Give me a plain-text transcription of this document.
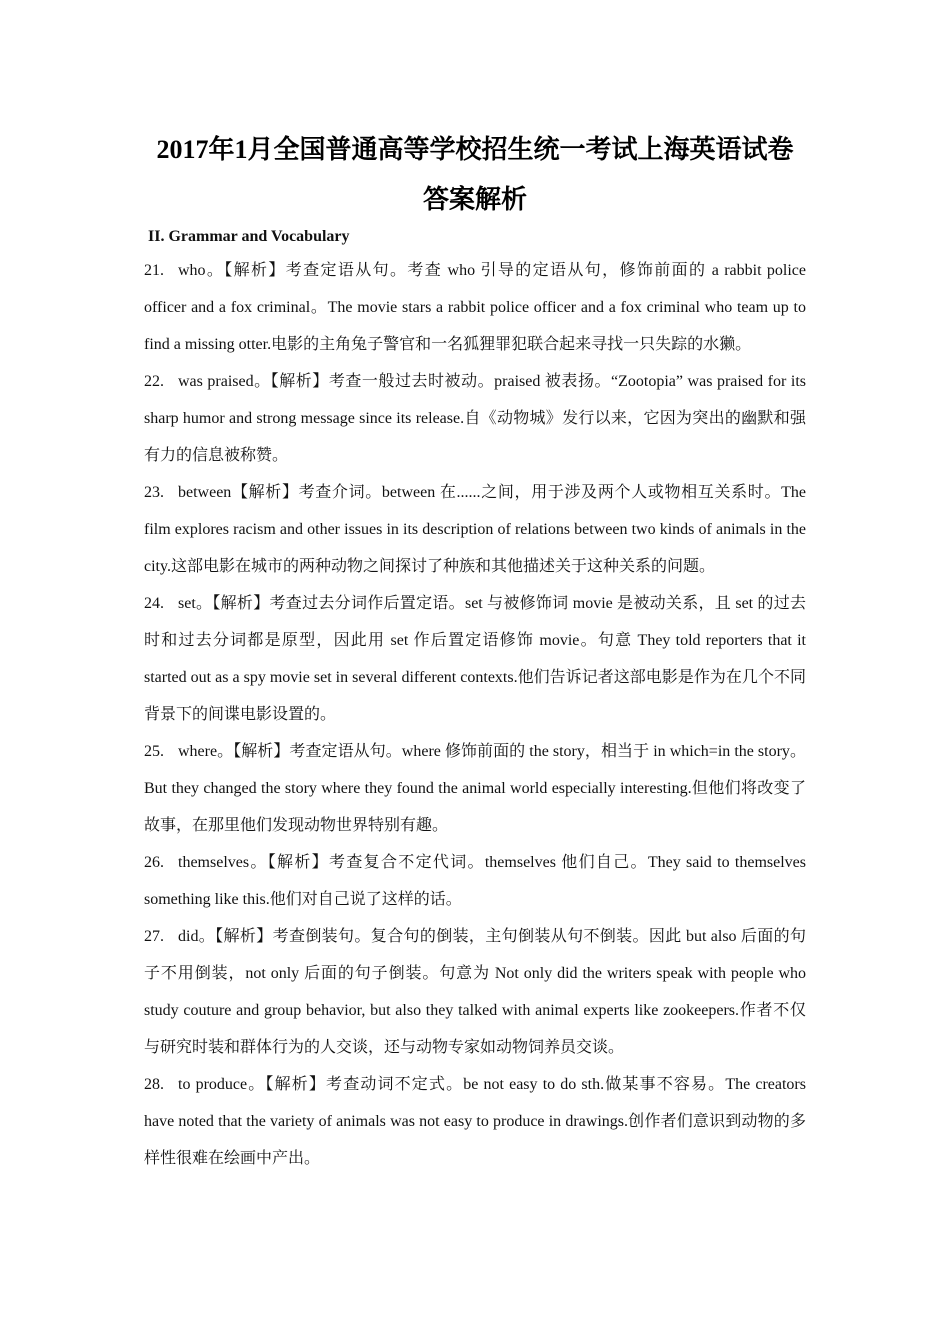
2017年1月全国普通高等学校招生统一考试上海英语试卷
答案解析
II. Grammar and Vocabulary
21. who。【解析】考查定语从句。考查 who 引导的定语从句，修饰前面的 a rabbit police officer and a fox criminal。The movie stars a rabbit police officer and a fox criminal who team up to find a missing otter.电影的主角兔子警官和一名狐狸罪犯联合起来寻找一只失踪的水獭。
22. was praised。【解析】考查一般过去时被动。praised 被表扬。“Zootopia” was praised for its sharp humor and strong message since its release.自《动物城》发行以来，它因为突出的幽默和强有力的信息被称赞。
23. between【解析】考查介词。between 在......之间，用于涉及两个人或物相互关系时。The film explores racism and other issues in its description of relations between two kinds of animals in the city.这部电影在城市的两种动物之间探讨了种族和其他描述关于这种关系的问题。
24. set。【解析】考查过去分词作后置定语。set 与被修饰词 movie 是被动关系，且 set 的过去时和过去分词都是原型，因此用 set 作后置定语修饰 movie。句意 They told reporters that it started out as a spy movie set in several different contexts.他们告诉记者这部电影是作为在几个不同背景下的间谍电影设置的。
25. where。【解析】考查定语从句。where 修饰前面的 the story，相当于 in which=in the story。 But they changed the story where they found the animal world especially interesting.但他们将改变了故事，在那里他们发现动物世界特别有趣。
26. themselves。【解析】考查复合不定代词。themselves 他们自己。They said to themselves something like this.他们对自己说了这样的话。
27. did。【解析】考查倒装句。复合句的倒装，主句倒装从句不倒装。因此 but also 后面的句子不用倒装，not only 后面的句子倒装。句意为 Not only did the writers speak with people who study couture and group behavior, but also they talked with animal experts like zookeepers.作者不仅与研究时装和群体行为的人交谈，还与动物专家如动物饲养员交谈。
28. to produce。【解析】考查动词不定式。be not easy to do sth.做某事不容易。The creators have noted that the variety of animals was not easy to produce in drawings.创作者们意识到动物的多样性很难在绘画中产出。
